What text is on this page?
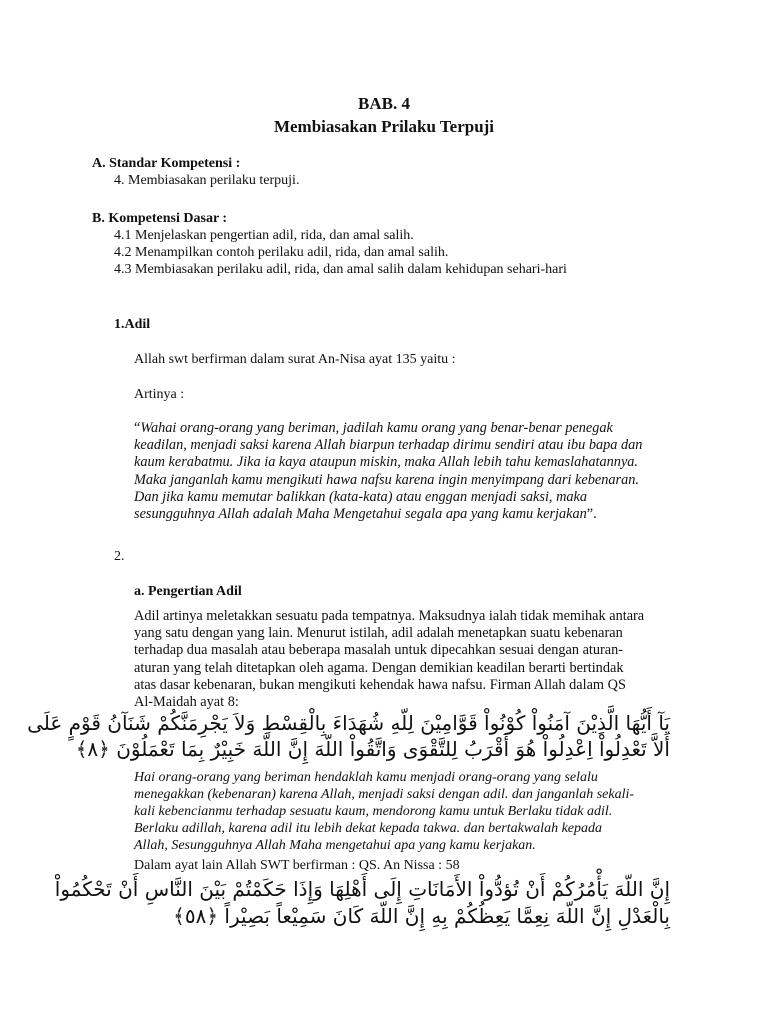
BAB. 4
Membiasakan Prilaku Terpuji
A. Standar Kompetensi :
4. Membiasakan perilaku terpuji.
B. Kompetensi Dasar :
4.1 Menjelaskan pengertian adil, rida, dan amal salih.
4.2 Menampilkan contoh perilaku adil, rida, dan amal salih.
4.3 Membiasakan perilaku adil, rida, dan amal salih dalam kehidupan sehari-hari
1.Adil
Allah swt berfirman dalam surat An-Nisa ayat 135 yaitu :
Artinya :
“Wahai orang-orang yang beriman, jadilah kamu orang yang benar-benar penegak
keadilan, menjadi saksi karena Allah biarpun terhadap dirimu sendiri atau ibu bapa dan
kaum kerabatmu. Jika ia kaya ataupun miskin, maka Allah lebih tahu kemaslahatannya.
Maka janganlah kamu mengikuti hawa nafsu karena ingin menyimpang dari kebenaran.
Dan jika kamu memutar balikkan (kata-kata) atau enggan menjadi saksi, maka
sesungguhnya Allah adalah Maha Mengetahui segala apa yang kamu kerjakan”.
2.
a. Pengertian Adil
Adil artinya meletakkan sesuatu pada tempatnya. Maksudnya ialah tidak memihak antara
yang satu dengan yang lain. Menurut istilah, adil adalah menetapkan suatu kebenaran
terhadap dua masalah atau beberapa masalah untuk dipecahkan sesuai dengan aturan-
aturan yang telah ditetapkan oleh agama. Dengan demikian keadilan berarti bertindak
atas dasar kebenaran, bukan mengikuti kehendak hawa nafsu. Firman Allah dalam QS
Al-Maidah ayat 8:
يَآ أَيُّهَا الَّذِيْنَ آمَنُواْ كُوْنُواْ قَوَّامِيْنَ لِلّهِ شُهَدَاءَ بِالْقِسْطِ وَلاَ يَجْرِمَنَّكُمْ شَنَآنُ قَوْمٍ عَلَى
أَلاَّ تَعْدِلُواْ اِعْدِلُواْ هُوَ أَقْرَبُ لِلتَّقْوَى وَاتَّقُواْ اللّهَ إِنَّ اللّهَ خَبِيْرٌ بِمَا تَعْمَلُوْنَ ﴿٨﴾
Hai orang-orang yang beriman hendaklah kamu menjadi orang-orang yang selalu
menegakkan (kebenaran) karena Allah, menjadi saksi dengan adil. dan janganlah sekali-
kali kebencianmu terhadap sesuatu kaum, mendorong kamu untuk Berlaku tidak adil.
Berlaku adillah, karena adil itu lebih dekat kepada takwa. dan bertakwalah kepada
Allah, Sesungguhnya Allah Maha mengetahui apa yang kamu kerjakan.
Dalam ayat lain Allah SWT berfirman : QS. An Nissa : 58
إِنَّ اللّهَ يَأْمُرُكُمْ أَنْ تُؤدُّواْ الأَمَانَاتِ إِلَى أَهْلِهَا وَإِذَا حَكَمْتُمْ بَيْنَ النَّاسِ أَنْ تَحْكُمُواْ
بِالْعَدْلِ إِنَّ اللّهَ نِعِمَّا يَعِظُكُمْ بِهِ إِنَّ اللّهَ كَانَ سَمِيْعاً بَصِيْراً ﴿٥٨﴾
